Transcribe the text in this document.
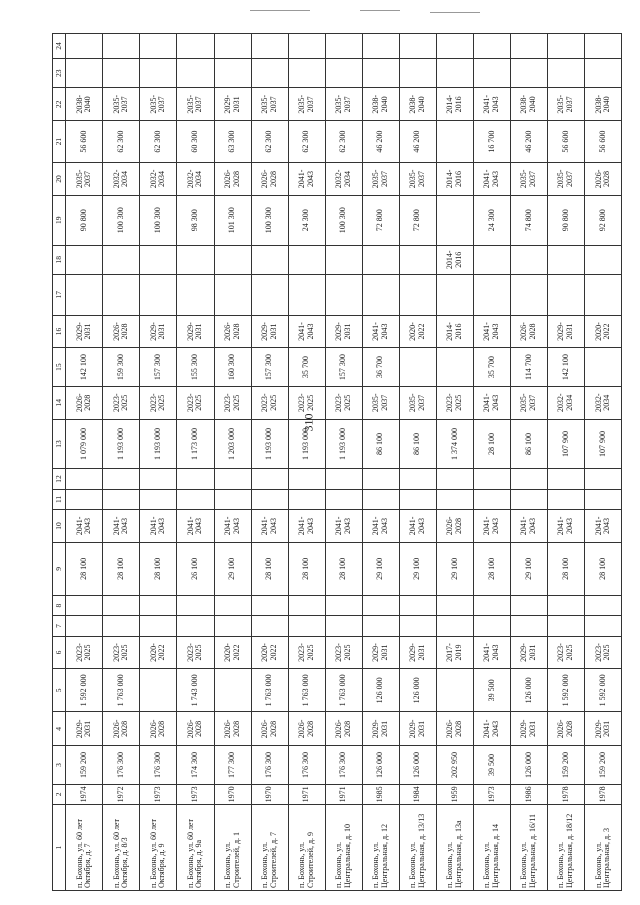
310
1	2	3	4	5	6	7	8	9	10	11	12	13	14	15	16	17	18	19	20	21	22	23	24
п. Бохонь, ул. 60 лет Октября, д. 7	1974	159 200	2029-2031	1 592 000	2023-2025			28 100	2041-2043			1 079 000	2026-2028	142 100	2029-2031			90 800	2035-2037	56 600	2038-2040		
п. Бохонь, ул. 60 лет Октября, д. 8/3	1972	176 300	2026-2028	1 763 000	2023-2025			28 100	2041-2043			1 193 000	2023-2025	159 300	2026-2028			100 300	2032-2034	62 300	2035-2037		
п. Бохонь, ул. 60 лет Октября, д. 9	1973	176 300	2026-2028		2020-2022			28 100	2041-2043			1 193 000	2023-2025	157 300	2029-2031			100 300	2032-2034	62 300	2035-2037		
п. Бохонь, ул. 60 лет Октября, д. 9а	1973	174 300	2026-2028	1 743 000	2023-2025			26 100	2041-2043			1 173 000	2023-2025	155 300	2029-2031			98 300	2032-2034	60 300	2035-2037		
п. Бохонь, ул. Строителей, д. 1	1970	177 300	2026-2028		2020-2022			29 100	2041-2043			1 203 000	2023-2025	160 300	2026-2028			101 300	2026-2028	63 300	2029-2031		
п. Бохонь, ул. Строителей, д. 7	1970	176 300	2026-2028	1 763 000	2020-2022			28 100	2041-2043			1 193 000	2023-2025	157 300	2029-2031			100 300	2026-2028	62 300	2035-2037		
п. Бохонь, ул. Строителей, д. 9	1971	176 300	2026-2028	1 763 000	2023-2025			28 100	2041-2043			1 193 000	2023-2025	35 700	2041-2043			24 300	2041-2043	62 300	2035-2037		
п. Бохонь, ул. Центральная, д. 10	1971	176 300	2026-2028	1 763 000	2023-2025			28 100	2041-2043			1 193 000	2023-2025	157 300	2029-2031			100 300	2032-2034	62 300	2035-2037		
п. Бохонь, ул. Центральная, д. 12	1985	126 000	2029-2031	126 000	2029-2031			29 100	2041-2043			86 100	2035-2037	36 700	2041-2043			72 800	2035-2037	46 200	2038-2040		
п. Бохонь, ул. Центральная, д. 13/13	1984	126 000	2029-2031	126 000	2029-2031			29 100	2041-2043			86 100	2035-2037		2020-2022			72 800	2035-2037	46 200	2038-2040		
п. Бохонь, ул. Центральная, д. 13а	1959	202 950	2026-2028		2017-2019			29 100	2026-2028			1 374 000	2023-2025		2014-2016		2014-2016		2014-2016		2014-2016		
п. Бохонь, ул. Центральная, д. 14	1973	39 500	2041-2043	39 500	2041-2043			28 100	2041-2043			28 100	2041-2043	35 700	2041-2043			24 300	2041-2043	16 700	2041-2043		
п. Бохонь, ул. Центральная, д. 16/11	1986	126 000	2029-2031	126 000	2029-2031			29 100	2041-2043			86 100	2035-2037	114 700	2026-2028			74 800	2035-2037	46 200	2038-2040		
п. Бохонь, ул. Центральная, д. 18/12	1978	159 200	2026-2028	1 592 000	2023-2025			28 100	2041-2043			107 900	2032-2034	142 100	2029-2031			90 800	2035-2037	56 600	2035-2037		
п. Бохонь, ул. Центральная, д. 3	1978	159 200	2029-2031	1 592 000	2023-2025			28 100	2041-2043			107 900	2032-2034		2020-2022			92 800	2026-2028	56 600	2038-2040		
